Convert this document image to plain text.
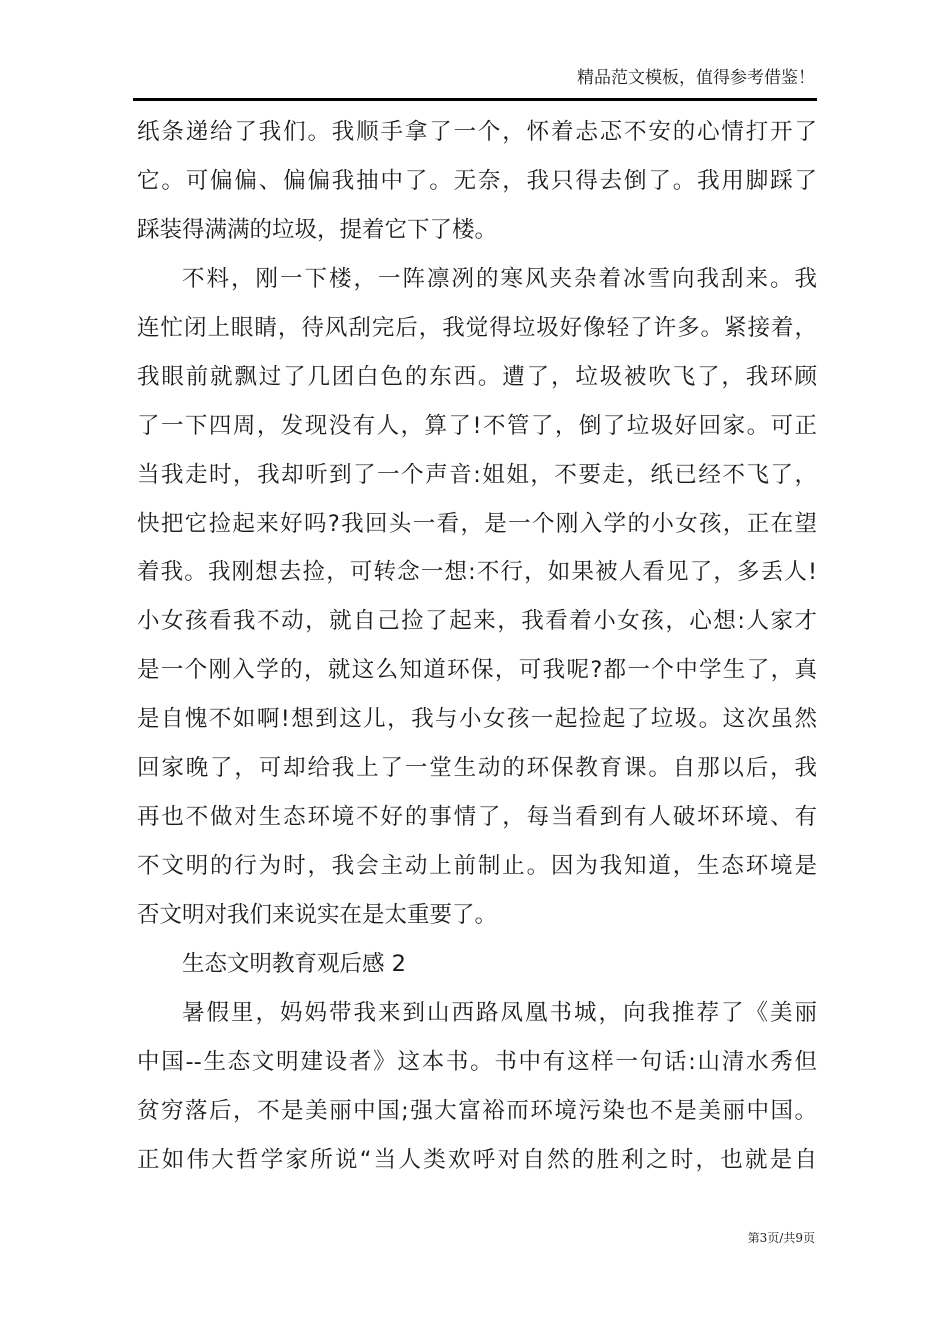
精品范文模板，值得参考借鉴！
纸条递给了我们。我顺手拿了一个，怀着忐忑不安的心情打开了
它。可偏偏、偏偏我抽中了。无奈，我只得去倒了。我用脚踩了
踩装得满满的垃圾，提着它下了楼。
不料，刚一下楼，一阵凛冽的寒风夹杂着冰雪向我刮来。我
连忙闭上眼睛，待风刮完后，我觉得垃圾好像轻了许多。紧接着，
我眼前就飘过了几团白色的东西。遭了，垃圾被吹飞了，我环顾
了一下四周，发现没有人，算了!不管了，倒了垃圾好回家。可正
当我走时，我却听到了一个声音:姐姐，不要走，纸已经不飞了，
快把它捡起来好吗?我回头一看，是一个刚入学的小女孩，正在望
着我。我刚想去捡，可转念一想:不行，如果被人看见了，多丢人!
小女孩看我不动，就自己捡了起来，我看着小女孩，心想:人家才
是一个刚入学的，就这么知道环保，可我呢?都一个中学生了，真
是自愧不如啊!想到这儿，我与小女孩一起捡起了垃圾。这次虽然
回家晚了，可却给我上了一堂生动的环保教育课。自那以后，我
再也不做对生态环境不好的事情了，每当看到有人破坏环境、有
不文明的行为时，我会主动上前制止。因为我知道，生态环境是
否文明对我们来说实在是太重要了。
生态文明教育观后感 2
暑假里，妈妈带我来到山西路凤凰书城，向我推荐了《美丽
中国--生态文明建设者》这本书。书中有这样一句话:山清水秀但
贫穷落后，不是美丽中国;强大富裕而环境污染也不是美丽中国。
正如伟大哲学家所说“当人类欢呼对自然的胜利之时，也就是自
第3页/共9页
